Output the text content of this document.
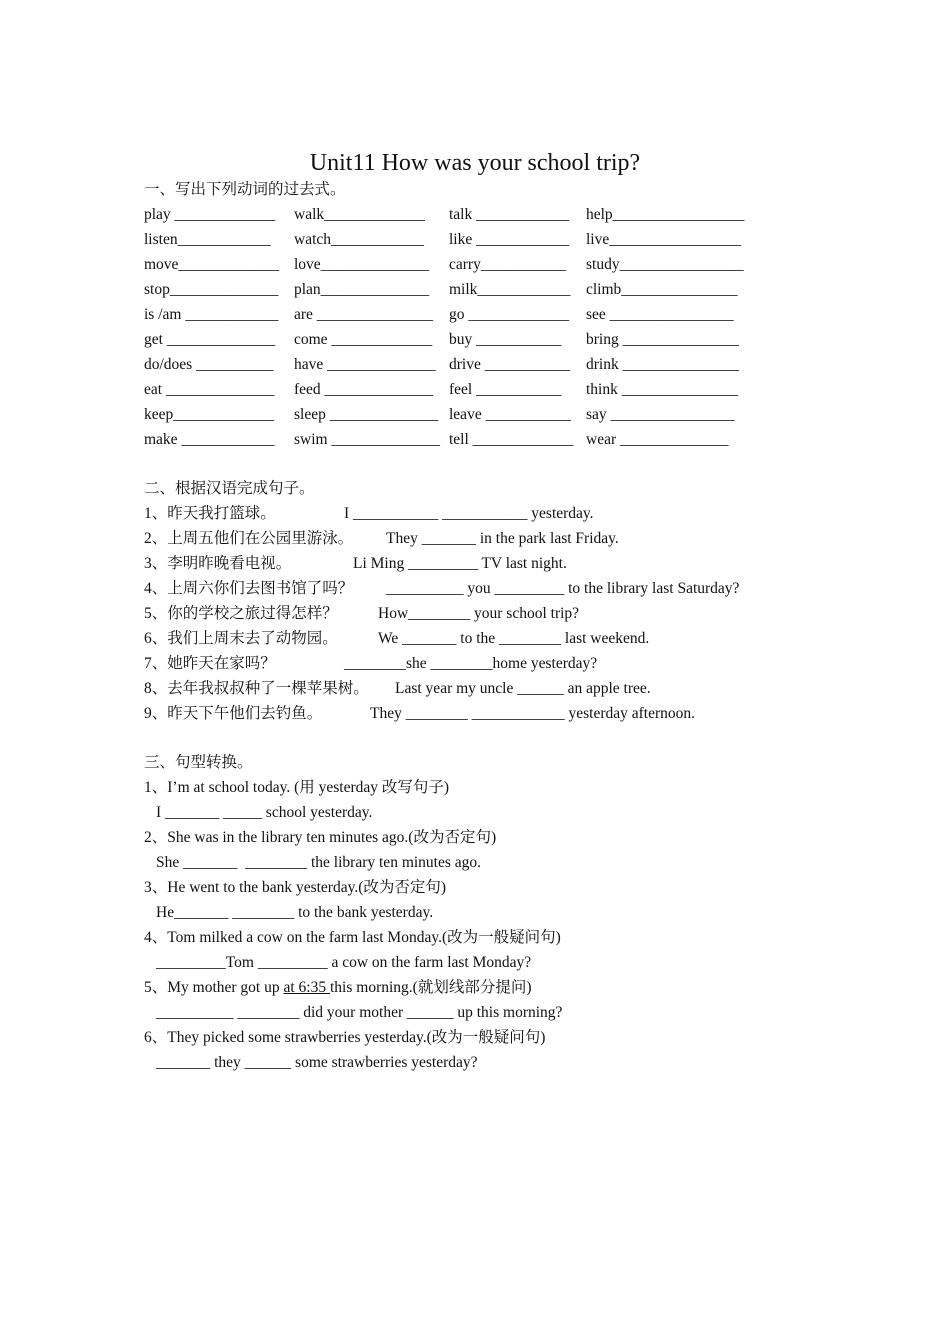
Unit11 How was your school trip?
一、写出下列动词的过去式。
play _____________ walk_____________ talk ____________ help_________________
listen____________ watch____________ like ____________ live_________________
move_____________ love______________ carry___________ study________________
stop______________ plan______________ milk____________ climb_______________
is /am ____________ are _______________ go _____________ see ________________
get ______________ come _____________ buy ___________ bring _______________
do/does __________ have ______________ drive ___________ drink _______________
eat ______________ feed ______________ feel ___________ think _______________
keep_____________ sleep ______________ leave ___________ say ________________
make ____________ swim ______________ tell _____________ wear ______________
二、根据汉语完成句子。
1、昨天我打篮球。	I ___________ ___________ yesterday.
2、上周五他们在公园里游泳。 They _______ in the park last Friday.
3、李明昨晚看电视。	Li Ming _________ TV last night.
4、上周六你们去图书馆了吗？ __________ you _________ to the library last Saturday?
5、你的学校之旅过得怎样？	How________ your school trip?
6、我们上周末去了动物园。	We _______ to the ________ last weekend.
7、她昨天在家吗？	________she ________home yesterday?
8、去年我叔叔种了一棵苹果树。 Last year my uncle ______ an apple tree.
9、昨天下午他们去钓鱼。	They ________ ____________ yesterday afternoon.
三、句型转换。
1、I’m at school today. (用 yesterday 改写句子)
I _______ _____ school yesterday.
2、She was in the library ten minutes ago.(改为否定句)
She _______  ________ the library ten minutes ago.
3、He went to the bank yesterday.(改为否定句)
He_______ ________ to the bank yesterday.
4、Tom milked a cow on the farm last Monday.(改为一般疑问句)
_________Tom _________ a cow on the farm last Monday?
5、My mother got up at 6:35 this morning.(就划线部分提问)
__________ ________ did your mother ______ up this morning?
6、They picked some strawberries yesterday.(改为一般疑问句)
_______ they ______ some strawberries yesterday?
